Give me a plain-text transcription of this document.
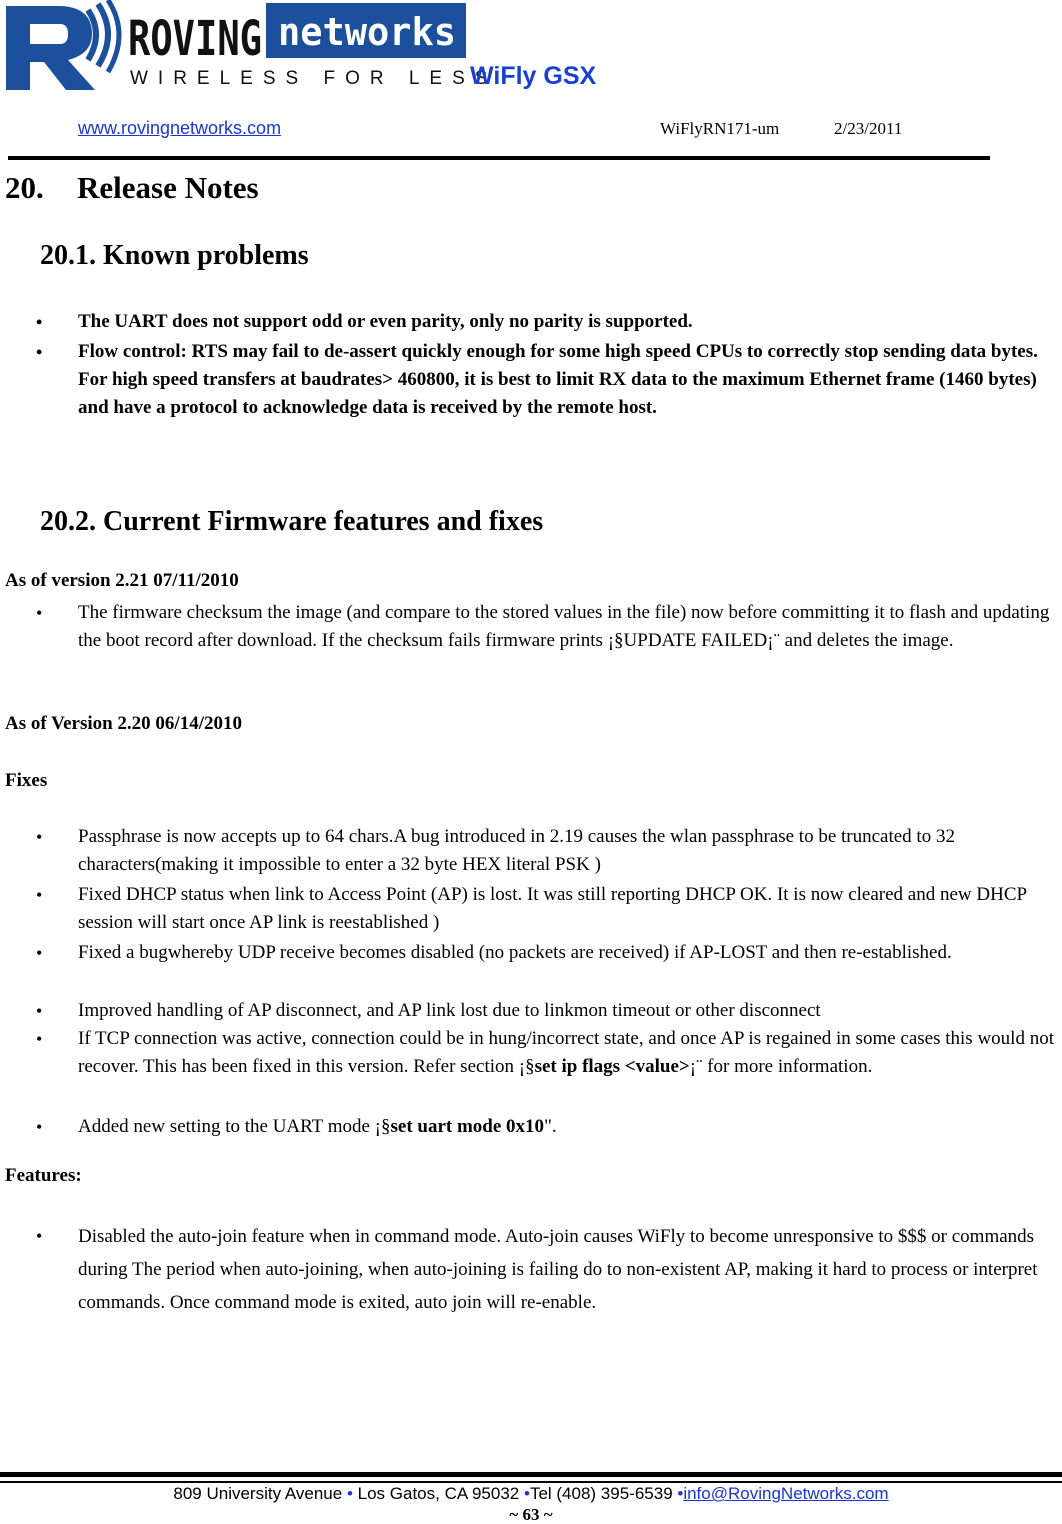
ROVING networks
WIRELESS FOR LESS
WiFly GSX
www.rovingnetworks.com	WiFlyRN171-um	2/23/2011
20. Release Notes
20.1. Known problems
• The UART does not support odd or even parity, only no parity is supported.
• Flow control: RTS may fail to de-assert quickly enough for some high speed CPUs to correctly stop sending data bytes. For high speed transfers at baudrates> 460800, it is best to limit RX data to the maximum Ethernet frame (1460 bytes) and have a protocol to acknowledge data is received by the remote host.
20.2. Current Firmware features and fixes
As of version 2.21 07/11/2010
• The firmware checksum the image (and compare to the stored values in the file) now before committing it to flash and updating the boot record after download. If the checksum fails firmware prints ¡§UPDATE FAILED¡¨ and deletes the image.
As of Version 2.20 06/14/2010
Fixes
• Passphrase is now accepts up to 64 chars.A bug introduced in 2.19 causes the wlan passphrase to be truncated to 32 characters(making it impossible to enter a 32 byte HEX literal PSK )
• Fixed DHCP status when link to Access Point (AP) is lost. It was still reporting DHCP OK. It is now cleared and new DHCP session will start once AP link is reestablished )
• Fixed a bugwhereby UDP receive becomes disabled (no packets are received) if AP-LOST and then re-established.
• Improved handling of AP disconnect, and AP link lost due to linkmon timeout or other disconnect
• If TCP connection was active, connection could be in hung/incorrect state, and once AP is regained in some cases this would not recover. This has been fixed in this version. Refer section ¡§set ip flags <value>¡¨ for more information.
• Added new setting to the UART mode ¡§set uart mode 0x10".
Features:
• Disabled the auto-join feature when in command mode. Auto-join causes WiFly to become unresponsive to $$$ or commands during The period when auto-joining, when auto-joining is failing do to non-existent AP, making it hard to process or interpret commands. Once command mode is exited, auto join will re-enable.
809 University Avenue • Los Gatos, CA 95032 •Tel (408) 395-6539 •info@RovingNetworks.com
~ 63 ~
